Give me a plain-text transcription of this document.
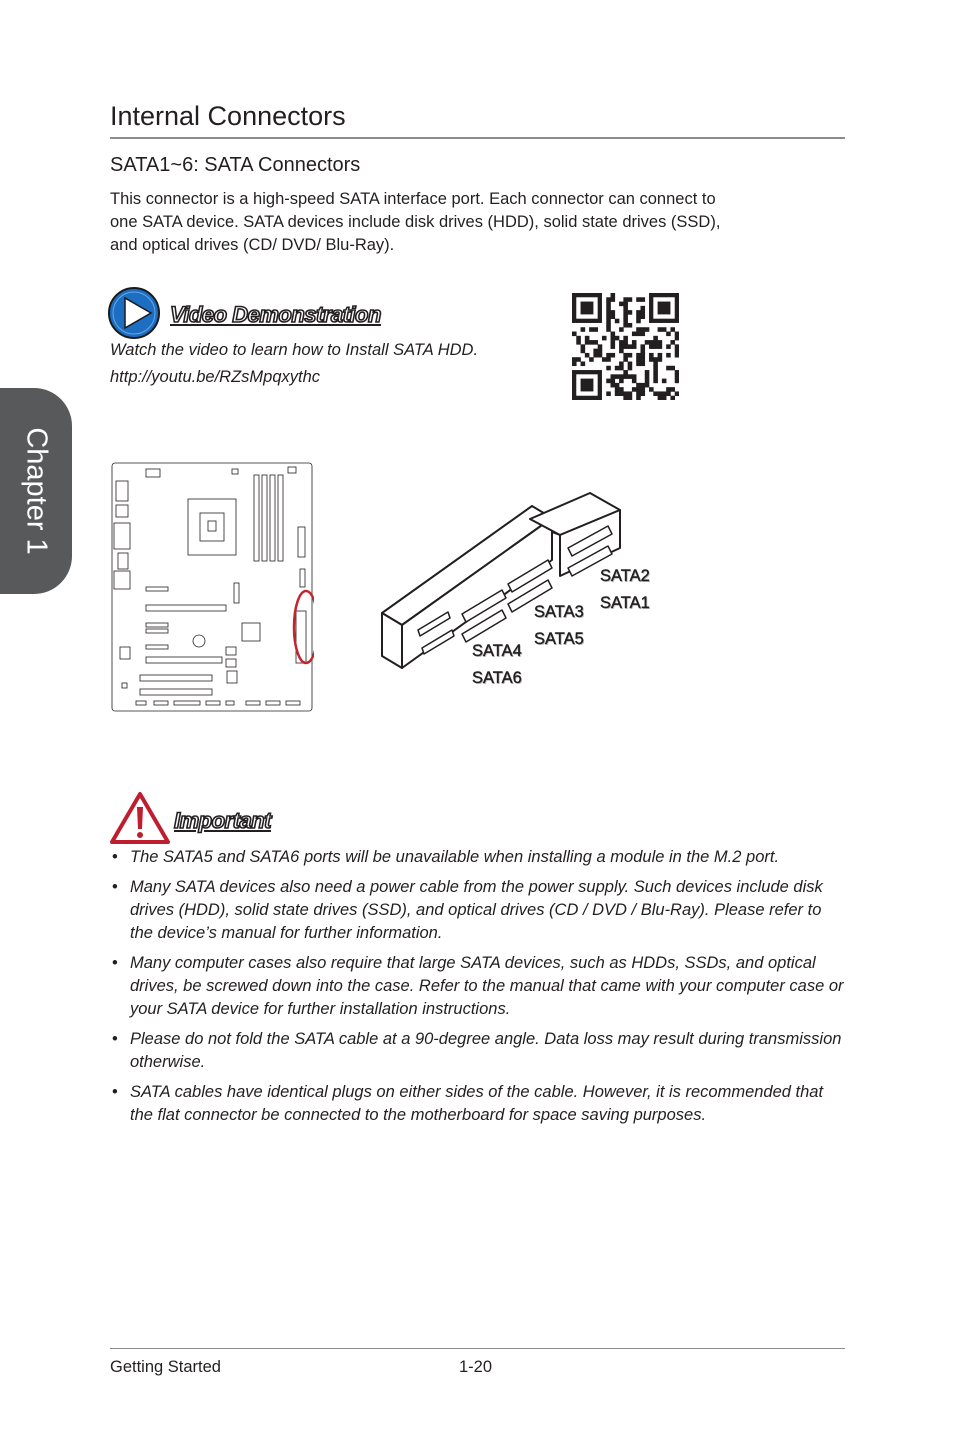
Chapter 1
Internal Connectors
SATA1~6: SATA Connectors

This connector is a high-speed SATA interface port. Each connector can connect to
one SATA device. SATA devices include disk drives (HDD), solid state drives (SSD),
and optical drives (CD/ DVD/ Blu-Ray).

Video Demonstration
Watch the video to learn how to Install SATA HDD.
http://youtu.be/RZsMpqxythc
SATA2
SATA1
SATA3
SATA5
SATA4
SATA6
Important
• The SATA5 and SATA6 ports will be unavailable when installing a module in the M.2 port.
• Many SATA devices also need a power cable from the power supply. Such devices include disk drives (HDD), solid state drives (SSD), and optical drives (CD / DVD / Blu-Ray). Please refer to the device’s manual for further information.
• Many computer cases also require that large SATA devices, such as HDDs, SSDs, and optical drives, be screwed down into the case. Refer to the manual that came with your computer case or your SATA device for further installation instructions.
• Please do not fold the SATA cable at a 90-degree angle. Data loss may result during transmission otherwise.
• SATA cables have identical plugs on either sides of the cable. However, it is recommended that the flat connector be connected to the motherboard for space saving purposes.
Getting Started	1-20
